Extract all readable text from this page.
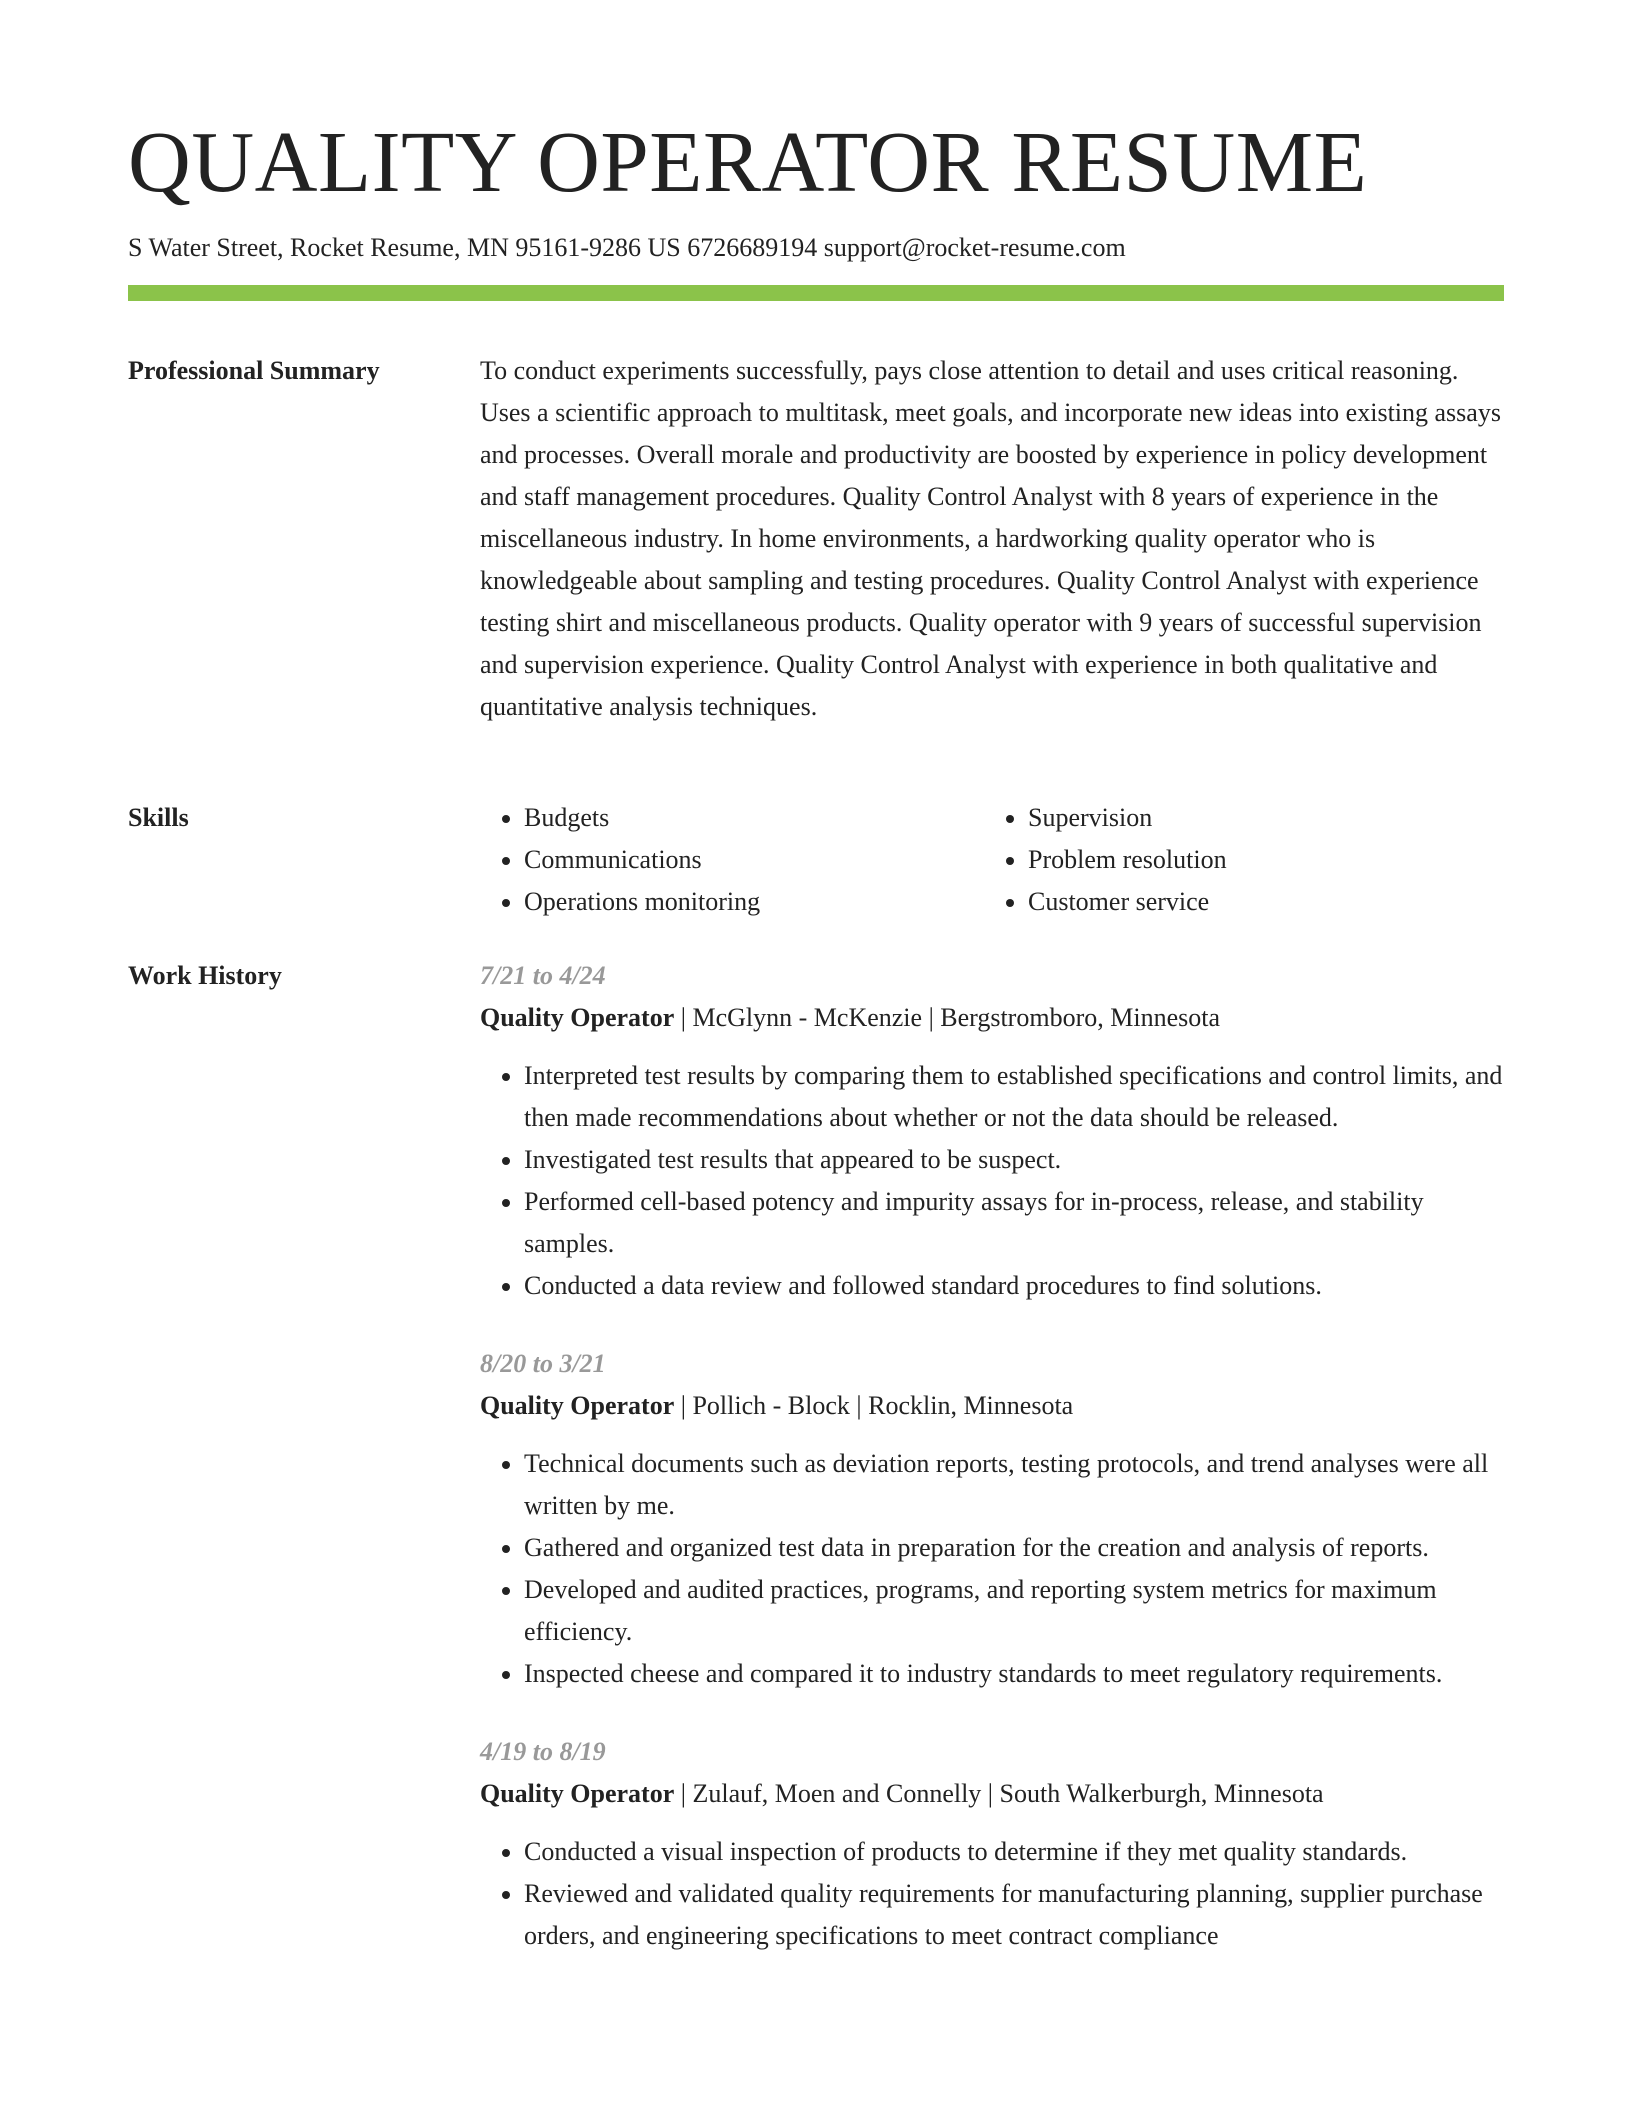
QUALITY OPERATOR RESUME
S Water Street, Rocket Resume, MN 95161-9286 US 6726689194 support@rocket-resume.com
Professional Summary	To conduct experiments successfully, pays close attention to detail and uses critical reasoning. Uses a scientific approach to multitask, meet goals, and incorporate new ideas into existing assays and processes. Overall morale and productivity are boosted by experience in policy development and staff management procedures. Quality Control Analyst with 8 years of experience in the miscellaneous industry. In home environments, a hardworking quality operator who is knowledgeable about sampling and testing procedures. Quality Control Analyst with experience testing shirt and miscellaneous products. Quality operator with 9 years of successful supervision and supervision experience. Quality Control Analyst with experience in both qualitative and quantitative analysis techniques.

Skills
•	Budgets
• Communications
• Operations monitoring
• Supervision
• Problem resolution
• Customer service
Work History	7/21 to 4/24
Quality Operator | McGlynn - McKenzie | Bergstromboro, Minnesota
• Interpreted test results by comparing them to established specifications and control limits, and then made recommendations about whether or not the data should be released.
• Investigated test results that appeared to be suspect.
• Performed cell-based potency and impurity assays for in-process, release, and stability samples.
• Conducted a data review and followed standard procedures to find solutions.
8/20 to 3/21
Quality Operator | Pollich - Block | Rocklin, Minnesota
• Technical documents such as deviation reports, testing protocols, and trend analyses were all written by me.
• Gathered and organized test data in preparation for the creation and analysis of reports.
• Developed and audited practices, programs, and reporting system metrics for maximum efficiency.
• Inspected cheese and compared it to industry standards to meet regulatory requirements.
4/19 to 8/19
Quality Operator | Zulauf, Moen and Connelly | South Walkerburgh, Minnesota
• Conducted a visual inspection of products to determine if they met quality standards.
• Reviewed and validated quality requirements for manufacturing planning, supplier purchase orders, and engineering specifications to meet contract compliance
